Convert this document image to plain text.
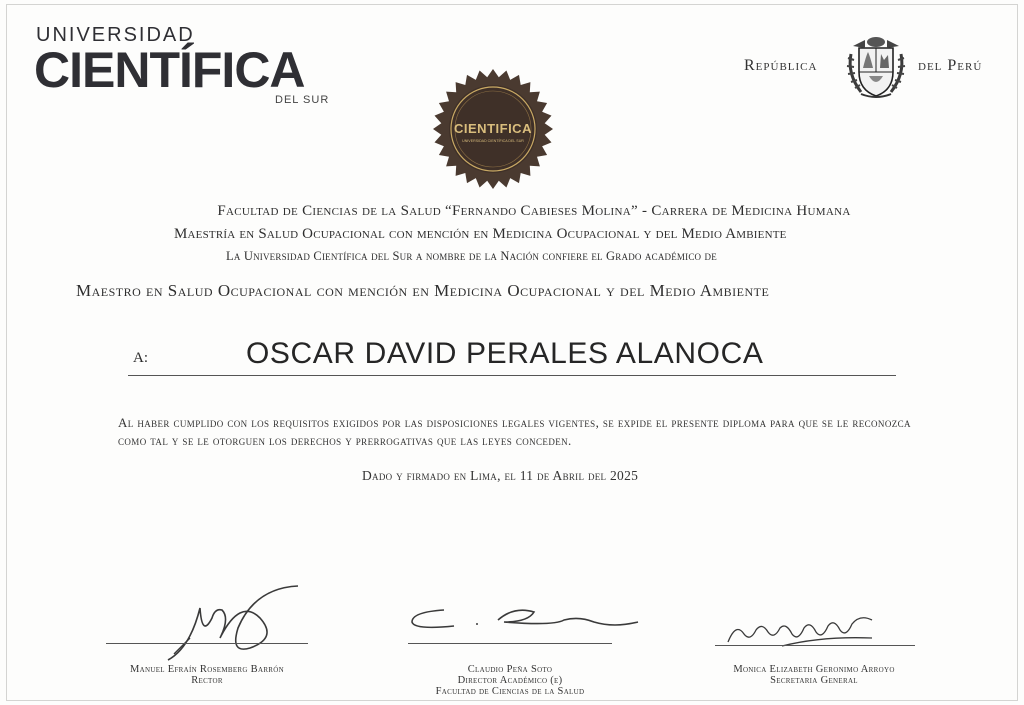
UNIVERSIDAD
CIENTÍFICA
DEL SUR
CIENTIFICA
UNIVERSIDAD CIENTÍFICA DEL SUR
República	del Perú
Facultad de Ciencias de la Salud “Fernando Cabieses Molina” - Carrera de Medicina Humana
Maestría en Salud Ocupacional con mención en Medicina Ocupacional y del Medio Ambiente
La Universidad Científica del Sur a nombre de la Nación confiere el Grado académico de
Maestro en Salud Ocupacional con mención en Medicina Ocupacional y del Medio Ambiente
A:	OSCAR DAVID PERALES ALANOCA
Al haber cumplido con los requisitos exigidos por las disposiciones legales vigentes, se expide el presente diploma para que se le reconozca como tal y se le otorguen los derechos y prerrogativas que las leyes conceden.
Dado y firmado en Lima, el 11 de Abril del 2025
Manuel Efraín Rosemberg Barrón
Rector
Claudio Peña Soto
Director Académico (e)
Facultad de Ciencias de la Salud
Monica Elizabeth Geronimo Arroyo
Secretaria General
